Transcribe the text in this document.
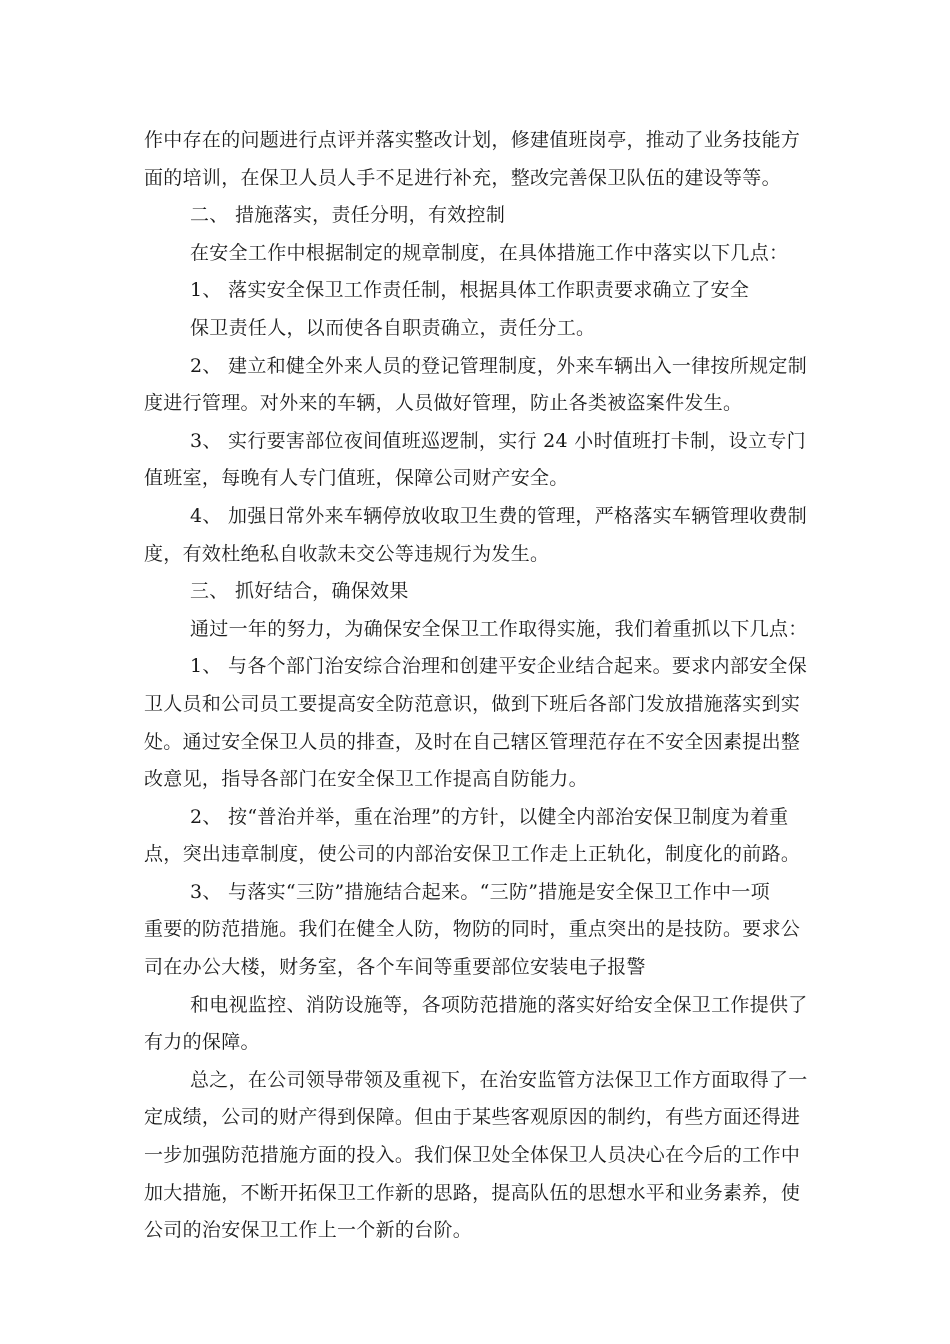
作中存在的问题进行点评并落实整改计划，修建值班岗亭，推动了业务技能方
面的培训，在保卫人员人手不足进行补充，整改完善保卫队伍的建设等等。
二、 措施落实，责任分明，有效控制
在安全工作中根据制定的规章制度，在具体措施工作中落实以下几点：
1、 落实安全保卫工作责任制，根据具体工作职责要求确立了安全
保卫责任人，以而使各自职责确立，责任分工。
2、 建立和健全外来人员的登记管理制度，外来车辆出入一律按所规定制
度进行管理。对外来的车辆，人员做好管理，防止各类被盗案件发生。
3、 实行要害部位夜间值班巡逻制，实行 24 小时值班打卡制，设立专门
值班室，每晚有人专门值班，保障公司财产安全。
4、 加强日常外来车辆停放收取卫生费的管理，严格落实车辆管理收费制
度，有效杜绝私自收款未交公等违规行为发生。
三、 抓好结合，确保效果
通过一年的努力，为确保安全保卫工作取得实施，我们着重抓以下几点：
1、 与各个部门治安综合治理和创建平安企业结合起来。要求内部安全保
卫人员和公司员工要提高安全防范意识，做到下班后各部门发放措施落实到实
处。通过安全保卫人员的排查，及时在自己辖区管理范存在不安全因素提出整
改意见，指导各部门在安全保卫工作提高自防能力。
2、 按“普治并举，重在治理”的方针，以健全内部治安保卫制度为着重
点，突出违章制度，使公司的内部治安保卫工作走上正轨化，制度化的前路。
3、 与落实“三防”措施结合起来。“三防”措施是安全保卫工作中一项
重要的防范措施。我们在健全人防，物防的同时，重点突出的是技防。要求公
司在办公大楼，财务室，各个车间等重要部位安装电子报警
和电视监控、消防设施等，各项防范措施的落实好给安全保卫工作提供了
有力的保障。
总之，在公司领导带领及重视下，在治安监管方法保卫工作方面取得了一
定成绩，公司的财产得到保障。但由于某些客观原因的制约，有些方面还得进
一步加强防范措施方面的投入。我们保卫处全体保卫人员决心在今后的工作中
加大措施，不断开拓保卫工作新的思路，提高队伍的思想水平和业务素养，使
公司的治安保卫工作上一个新的台阶。
